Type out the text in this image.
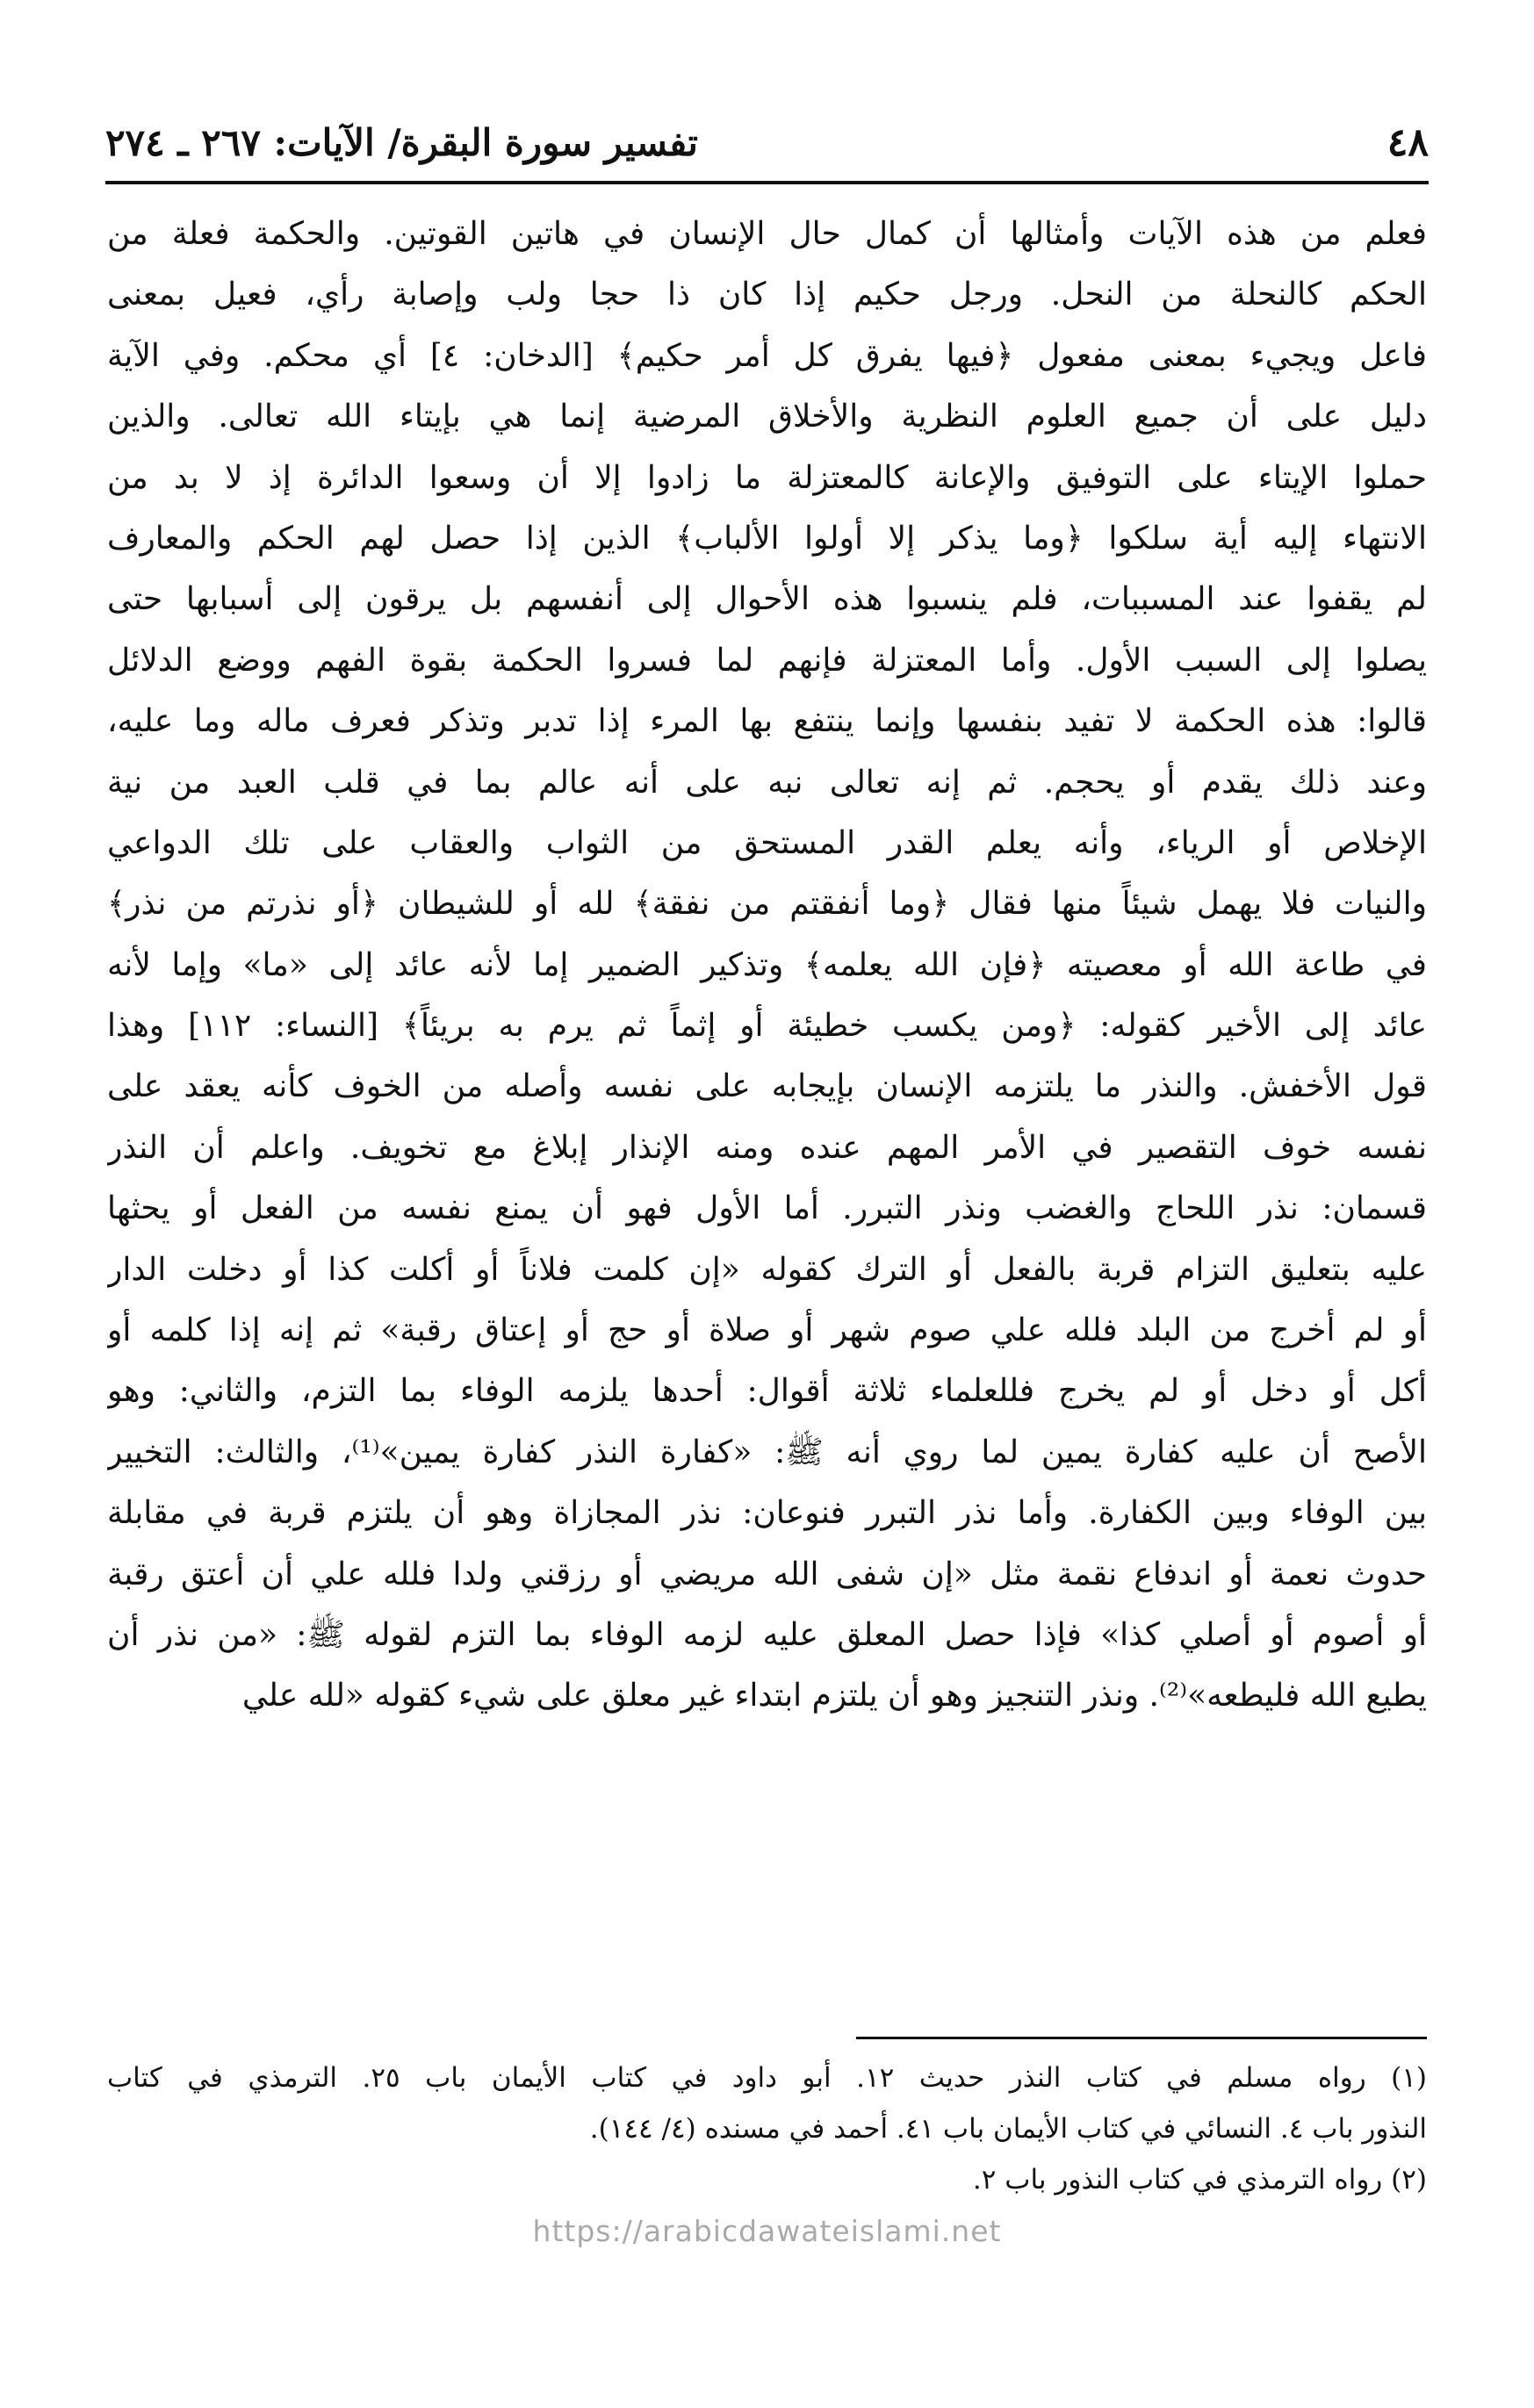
٤٨
تفسير سورة البقرة/ الآيات: ٢٦٧ ـ ٢٧٤
فعلم من هذه الآيات وأمثالها أن كمال حال الإنسان في هاتين القوتين. والحكمة فعلة من
الحكم كالنحلة من النحل. ورجل حكيم إذا كان ذا حجا ولب وإصابة رأي، فعيل بمعنى
فاعل ويجيء بمعنى مفعول ﴿فيها يفرق كل أمر حكيم﴾ [الدخان: ٤] أي محكم. وفي الآية
دليل على أن جميع العلوم النظرية والأخلاق المرضية إنما هي بإيتاء الله تعالى. والذين
حملوا الإيتاء على التوفيق والإعانة كالمعتزلة ما زادوا إلا أن وسعوا الدائرة إذ لا بد من
الانتهاء إليه أية سلكوا ﴿وما يذكر إلا أولوا الألباب﴾ الذين إذا حصل لهم الحكم والمعارف
لم يقفوا عند المسببات، فلم ينسبوا هذه الأحوال إلى أنفسهم بل يرقون إلى أسبابها حتى
يصلوا إلى السبب الأول. وأما المعتزلة فإنهم لما فسروا الحكمة بقوة الفهم ووضع الدلائل
قالوا: هذه الحكمة لا تفيد بنفسها وإنما ينتفع بها المرء إذا تدبر وتذكر فعرف ماله وما عليه،
وعند ذلك يقدم أو يحجم. ثم إنه تعالى نبه على أنه عالم بما في قلب العبد من نية
الإخلاص أو الرياء، وأنه يعلم القدر المستحق من الثواب والعقاب على تلك الدواعي
والنيات فلا يهمل شيئاً منها فقال ﴿وما أنفقتم من نفقة﴾ لله أو للشيطان ﴿أو نذرتم من نذر﴾
في طاعة الله أو معصيته ﴿فإن الله يعلمه﴾ وتذكير الضمير إما لأنه عائد إلى «ما» وإما لأنه
عائد إلى الأخير كقوله: ﴿ومن يكسب خطيئة أو إثماً ثم يرم به بريئاً﴾ [النساء: ١١٢] وهذا
قول الأخفش. والنذر ما يلتزمه الإنسان بإيجابه على نفسه وأصله من الخوف كأنه يعقد على
نفسه خوف التقصير في الأمر المهم عنده ومنه الإنذار إبلاغ مع تخويف. واعلم أن النذر
قسمان: نذر اللحاج والغضب ونذر التبرر. أما الأول فهو أن يمنع نفسه من الفعل أو يحثها
عليه بتعليق التزام قربة بالفعل أو الترك كقوله «إن كلمت فلاناً أو أكلت كذا أو دخلت الدار
أو لم أخرج من البلد فلله علي صوم شهر أو صلاة أو حج أو إعتاق رقبة» ثم إنه إذا كلمه أو
أكل أو دخل أو لم يخرج فللعلماء ثلاثة أقوال: أحدها يلزمه الوفاء بما التزم، والثاني: وهو
الأصح أن عليه كفارة يمين لما روي أنه ﷺ: «كفارة النذر كفارة يمين»⁽¹⁾، والثالث: التخيير
بين الوفاء وبين الكفارة. وأما نذر التبرر فنوعان: نذر المجازاة وهو أن يلتزم قربة في مقابلة
حدوث نعمة أو اندفاع نقمة مثل «إن شفى الله مريضي أو رزقني ولدا فلله علي أن أعتق رقبة
أو أصوم أو أصلي كذا» فإذا حصل المعلق عليه لزمه الوفاء بما التزم لقوله ﷺ: «من نذر أن
يطيع الله فليطعه»⁽²⁾. ونذر التنجيز وهو أن يلتزم ابتداء غير معلق على شيء كقوله «لله علي
(١) رواه مسلم في كتاب النذر حديث ١٢. أبو داود في كتاب الأيمان باب ٢٥. الترمذي في كتاب
النذور باب ٤. النسائي في كتاب الأيمان باب ٤١. أحمد في مسنده (٤/ ١٤٤).
(٢) رواه الترمذي في كتاب النذور باب ٢.
https://arabicdawateislami.net
